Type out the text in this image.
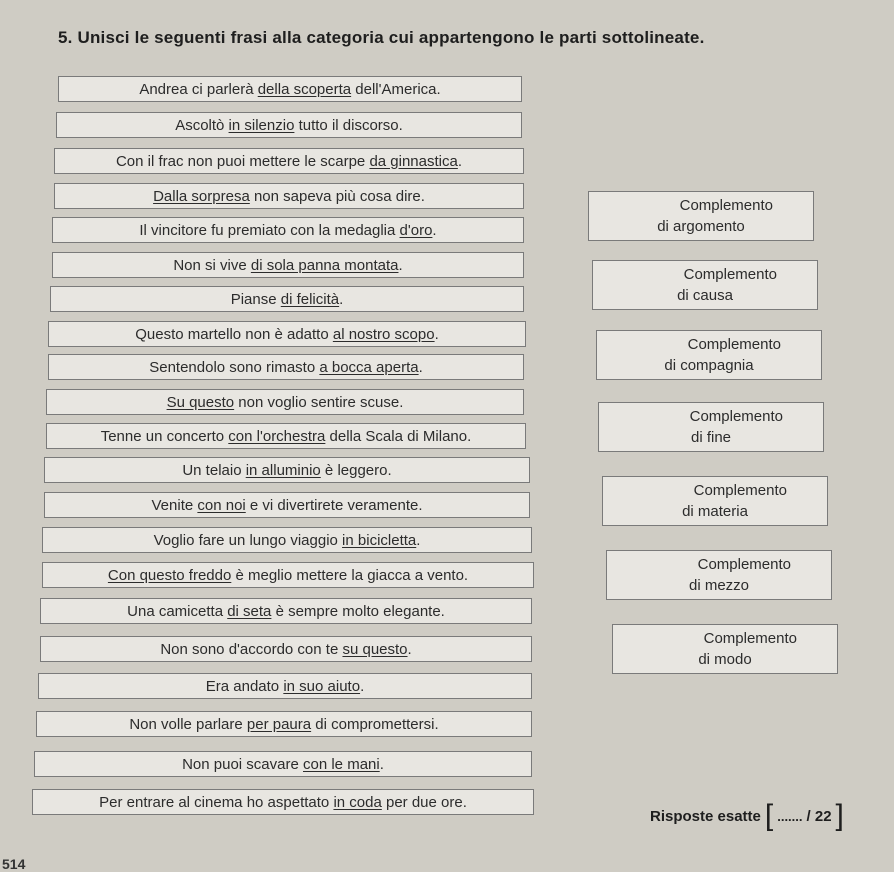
5. Unisci le seguenti frasi alla categoria cui appartengono le parti sottolineate.
Andrea ci parlerà della scoperta dell'America.
Ascoltò in silenzio tutto il discorso.
Con il frac non puoi mettere le scarpe da ginnastica .
Dalla sorpresa non sapeva più cosa dire.
Il vincitore fu premiato con la medaglia d'oro .
Non si vive di sola panna montata .
Pianse di felicità .
Questo martello non è adatto al nostro scopo .
Sentendolo sono rimasto a bocca aperta .
Su questo non voglio sentire scuse.
Tenne un concerto con l'orchestra della Scala di Milano.
Un telaio in alluminio è leggero.
Venite con noi e vi divertirete veramente.
Voglio fare un lungo viaggio in bicicletta .
Con questo freddo è meglio mettere la giacca a vento.
Una camicetta di seta è sempre molto elegante.
Non sono d'accordo con te su questo .
Era andato in suo aiuto .
Non volle parlare per paura di compromettersi.
Non puoi scavare con le mani .
Per entrare al cinema ho aspettato in coda per due ore.
Complemento
di argomento
Complemento
di causa
Complemento
di compagnia
Complemento
di fine
Complemento
di materia
Complemento
di mezzo
Complemento
di modo
Risposte esatte [ ....... / 22 ]
514
